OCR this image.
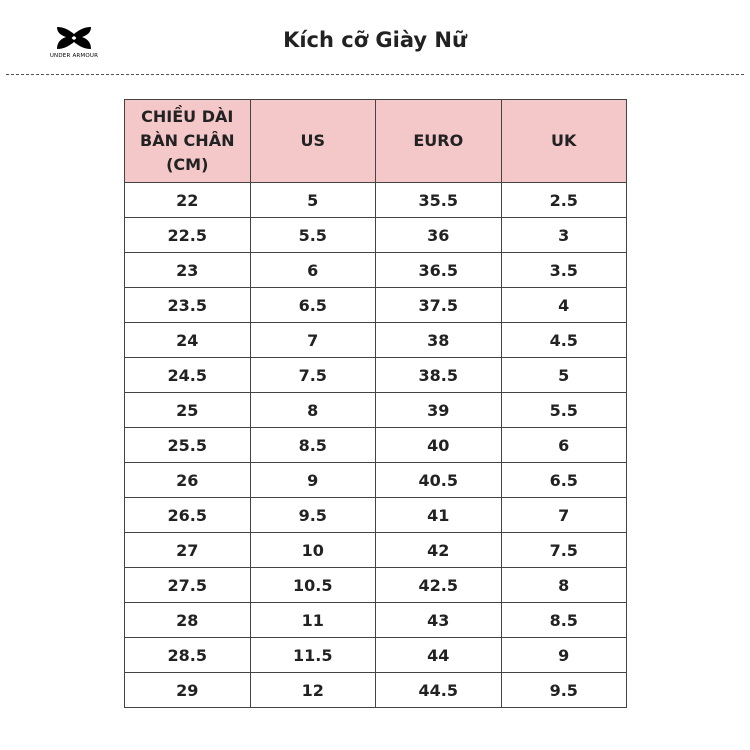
UNDER ARMOUR
Kích cỡ Giày Nữ
CHIỀU DÀI BÀN CHÂN (CM)	US	EURO	UK
22	5	35.5	2.5
22.5	5.5	36	3
23	6	36.5	3.5
23.5	6.5	37.5	4
24	7	38	4.5
24.5	7.5	38.5	5
25	8	39	5.5
25.5	8.5	40	6
26	9	40.5	6.5
26.5	9.5	41	7
27	10	42	7.5
27.5	10.5	42.5	8
28	11	43	8.5
28.5	11.5	44	9
29	12	44.5	9.5
